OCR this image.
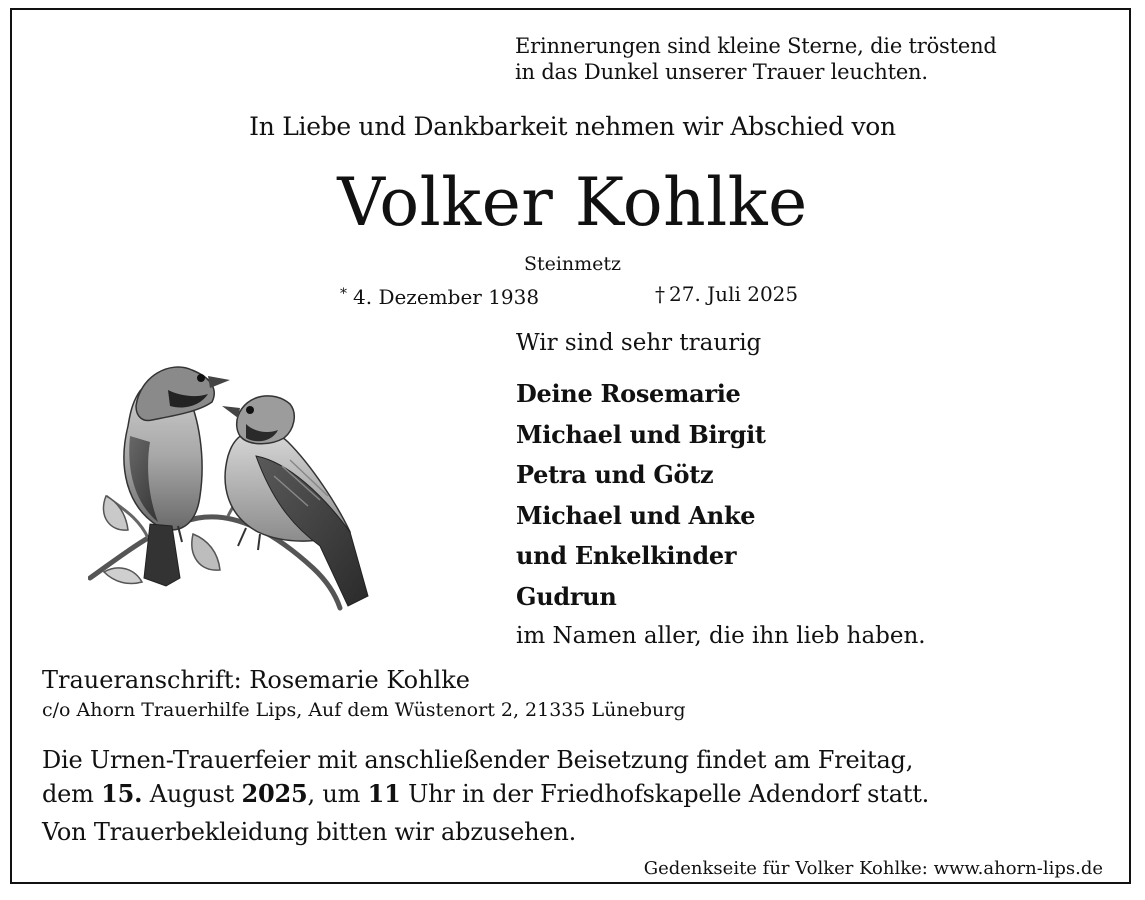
Erinnerungen sind kleine Sterne, die tröstend
in das Dunkel unserer Trauer leuchten.
In Liebe und Dankbarkeit nehmen wir Abschied von
Volker Kohlke
Steinmetz
* 4. Dezember 1938	† 27. Juli 2025
Wir sind sehr traurig
Deine Rosemarie
Michael und Birgit
Petra und Götz
Michael und Anke
und Enkelkinder
Gudrun
im Namen aller, die ihn lieb haben.
Traueranschrift: Rosemarie Kohlke
c/o Ahorn Trauerhilfe Lips, Auf dem Wüstenort 2, 21335 Lüneburg
Die Urnen-Trauerfeier mit anschließender Beisetzung findet am Freitag,
dem 15. August 2025, um 11 Uhr in der Friedhofskapelle Adendorf statt.
Von Trauerbekleidung bitten wir abzusehen.
Gedenkseite für Volker Kohlke: www.ahorn-lips.de
